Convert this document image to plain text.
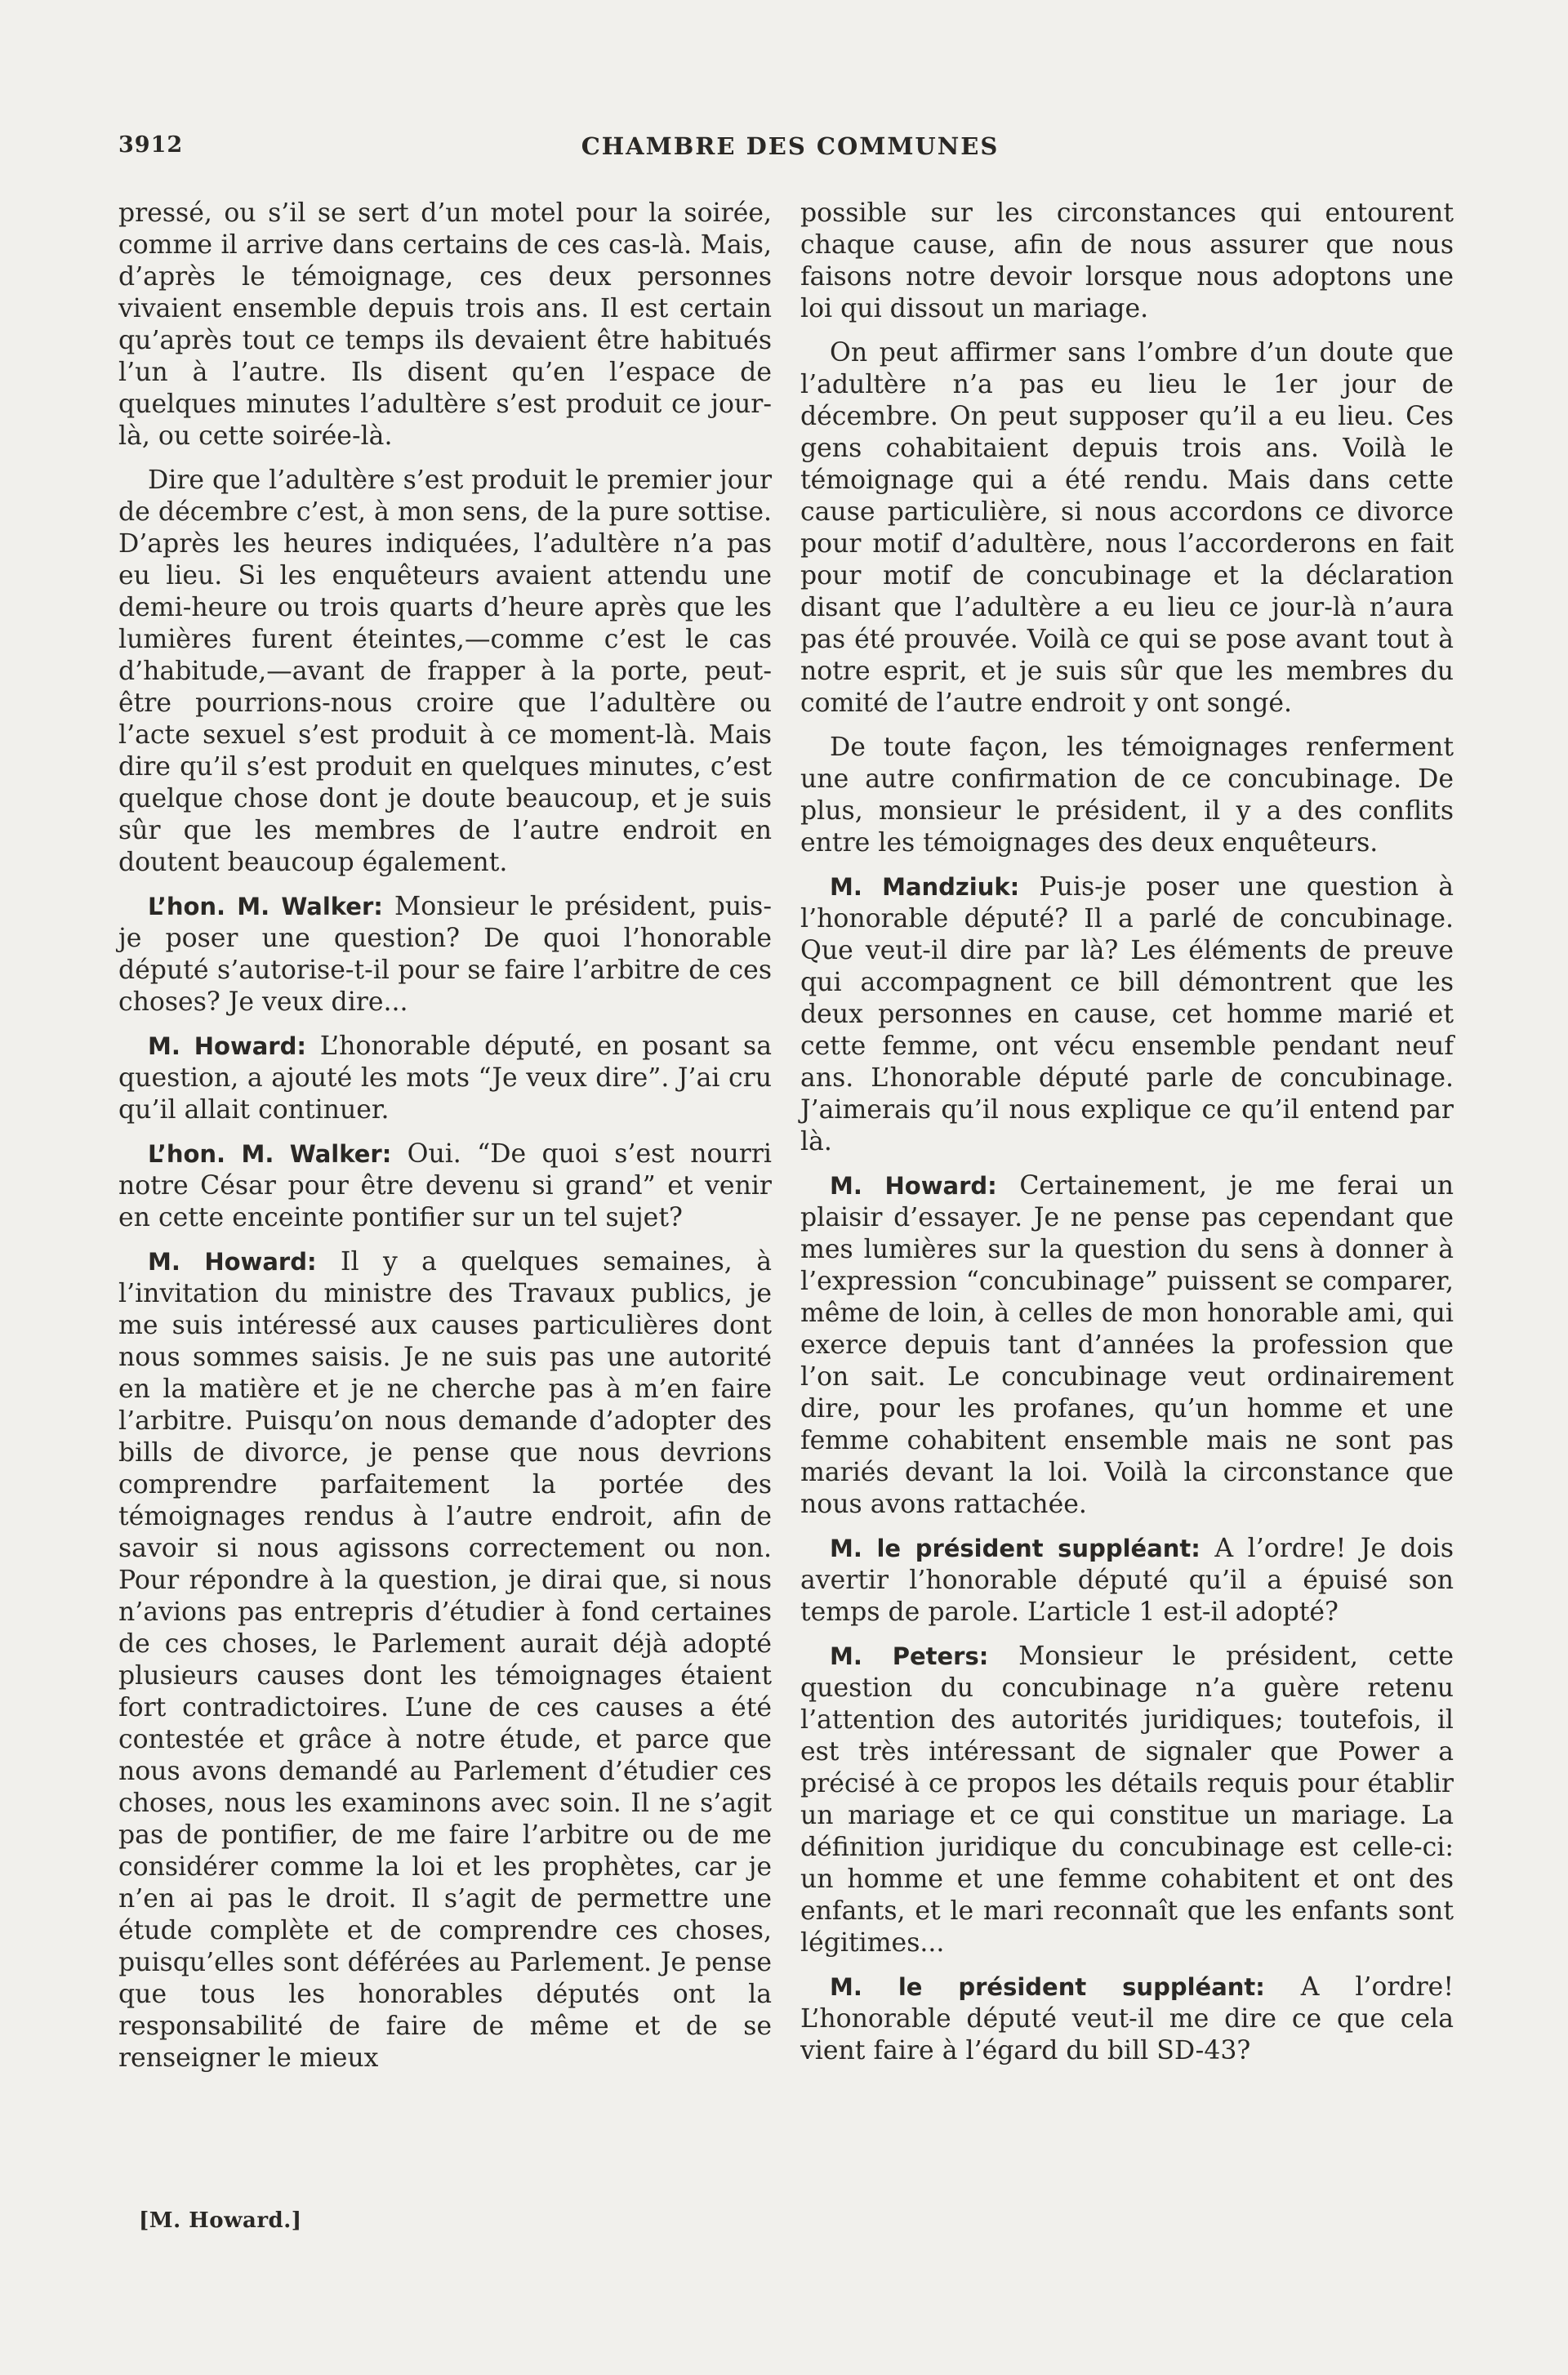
3912	CHAMBRE DES COMMUNES

pressé, ou s’il se sert d’un motel pour la soirée, comme il arrive dans certains de ces cas-là. Mais, d’après le témoignage, ces deux personnes vivaient ensemble depuis trois ans. Il est certain qu’après tout ce temps ils devaient être habitués l’un à l’autre. Ils disent qu’en l’espace de quelques minutes l’adultère s’est produit ce jour-là, ou cette soirée-là.

Dire que l’adultère s’est produit le premier jour de décembre c’est, à mon sens, de la pure sottise. D’après les heures indiquées, l’adultère n’a pas eu lieu. Si les enquêteurs avaient attendu une demi-heure ou trois quarts d’heure après que les lumières furent éteintes,—comme c’est le cas d’habitude,—avant de frapper à la porte, peut-être pourrions-nous croire que l’adultère ou l’acte sexuel s’est produit à ce moment-là. Mais dire qu’il s’est produit en quelques minutes, c’est quelque chose dont je doute beaucoup, et je suis sûr que les membres de l’autre endroit en doutent beaucoup également.

L’hon. M. Walker: Monsieur le président, puis-je poser une question? De quoi l’honorable député s’autorise-t-il pour se faire l’arbitre de ces choses? Je veux dire...

M. Howard: L’honorable député, en posant sa question, a ajouté les mots “Je veux dire”. J’ai cru qu’il allait continuer.

L’hon. M. Walker: Oui. “De quoi s’est nourri notre César pour être devenu si grand” et venir en cette enceinte pontifier sur un tel sujet?

M. Howard: Il y a quelques semaines, à l’invitation du ministre des Travaux publics, je me suis intéressé aux causes particulières dont nous sommes saisis. Je ne suis pas une autorité en la matière et je ne cherche pas à m’en faire l’arbitre. Puisqu’on nous demande d’adopter des bills de divorce, je pense que nous devrions comprendre parfaitement la portée des témoignages rendus à l’autre endroit, afin de savoir si nous agissons correctement ou non. Pour répondre à la question, je dirai que, si nous n’avions pas entrepris d’étudier à fond certaines de ces choses, le Parlement aurait déjà adopté plusieurs causes dont les témoignages étaient fort contradictoires. L’une de ces causes a été contestée et grâce à notre étude, et parce que nous avons demandé au Parlement d’étudier ces choses, nous les examinons avec soin. Il ne s’agit pas de pontifier, de me faire l’arbitre ou de me considérer comme la loi et les prophètes, car je n’en ai pas le droit. Il s’agit de permettre une étude complète et de comprendre ces choses, puisqu’elles sont déférées au Parlement. Je pense que tous les honorables députés ont la responsabilité de faire de même et de se renseigner le mieux

possible sur les circonstances qui entourent chaque cause, afin de nous assurer que nous faisons notre devoir lorsque nous adoptons une loi qui dissout un mariage.

On peut affirmer sans l’ombre d’un doute que l’adultère n’a pas eu lieu le 1er jour de décembre. On peut supposer qu’il a eu lieu. Ces gens cohabitaient depuis trois ans. Voilà le témoignage qui a été rendu. Mais dans cette cause particulière, si nous accordons ce divorce pour motif d’adultère, nous l’accorderons en fait pour motif de concubinage et la déclaration disant que l’adultère a eu lieu ce jour-là n’aura pas été prouvée. Voilà ce qui se pose avant tout à notre esprit, et je suis sûr que les membres du comité de l’autre endroit y ont songé.

De toute façon, les témoignages renferment une autre confirmation de ce concubinage. De plus, monsieur le président, il y a des conflits entre les témoignages des deux enquêteurs.

M. Mandziuk: Puis-je poser une question à l’honorable député? Il a parlé de concubinage. Que veut-il dire par là? Les éléments de preuve qui accompagnent ce bill démontrent que les deux personnes en cause, cet homme marié et cette femme, ont vécu ensemble pendant neuf ans. L’honorable député parle de concubinage. J’aimerais qu’il nous explique ce qu’il entend par là.

M. Howard: Certainement, je me ferai un plaisir d’essayer. Je ne pense pas cependant que mes lumières sur la question du sens à donner à l’expression “concubinage” puissent se comparer, même de loin, à celles de mon honorable ami, qui exerce depuis tant d’années la profession que l’on sait. Le concubinage veut ordinairement dire, pour les profanes, qu’un homme et une femme cohabitent ensemble mais ne sont pas mariés devant la loi. Voilà la circonstance que nous avons rattachée.

M. le président suppléant: A l’ordre! Je dois avertir l’honorable député qu’il a épuisé son temps de parole. L’article 1 est-il adopté?

M. Peters: Monsieur le président, cette question du concubinage n’a guère retenu l’attention des autorités juridiques; toutefois, il est très intéressant de signaler que Power a précisé à ce propos les détails requis pour établir un mariage et ce qui constitue un mariage. La définition juridique du concubinage est celle-ci: un homme et une femme cohabitent et ont des enfants, et le mari reconnaît que les enfants sont légitimes...

M. le président suppléant: A l’ordre! L’honorable député veut-il me dire ce que cela vient faire à l’égard du bill SD-43?

[M. Howard.]
